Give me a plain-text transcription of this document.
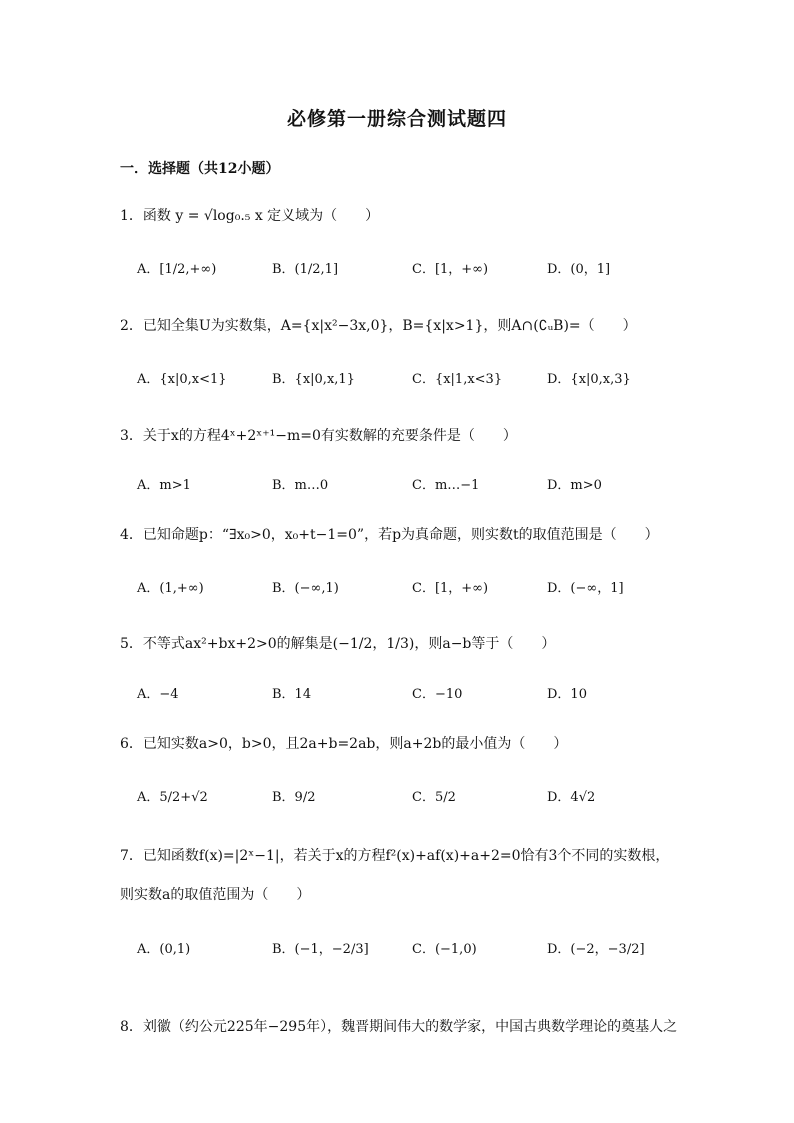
必修第一册综合测试题四
一．选择题（共12小题）
1．函数 y = √log₀.₅ x 定义域为（　　）
A．[1/2,+∞)	B．(1/2,1]	C．[1，+∞)	D．(0，1]
2．已知全集U为实数集，A={x|x²−3x,0}，B={x|x>1}，则A∩(∁ᵤB)=（　　）
A．{x|0,x<1}	B．{x|0,x,1}	C．{x|1,x<3}	D．{x|0,x,3}
3．关于x的方程4ˣ+2ˣ⁺¹−m=0有实数解的充要条件是（　　）
A．m>1	B．m…0	C．m…−1	D．m>0
4．已知命题p：“∃x₀>0，x₀+t−1=0”，若p为真命题，则实数t的取值范围是（　　）
A．(1,+∞)	B．(−∞,1)	C．[1，+∞)	D．(−∞，1]
5．不等式ax²+bx+2>0的解集是(−1/2，1/3)，则a−b等于（　　）
A．−4	B．14	C．−10	D．10
6．已知实数a>0，b>0，且2a+b=2ab，则a+2b的最小值为（　　）
A．5/2+√2	B．9/2	C．5/2	D．4√2
7．已知函数f(x)=|2ˣ−1|，若关于x的方程f²(x)+af(x)+a+2=0恰有3个不同的实数根，
则实数a的取值范围为（　　）
A．(0,1)	B．(−1，−2/3]	C．(−1,0)	D．(−2，−3/2]
8．刘徽（约公元225年−295年），魏晋期间伟大的数学家，中国古典数学理论的奠基人之
